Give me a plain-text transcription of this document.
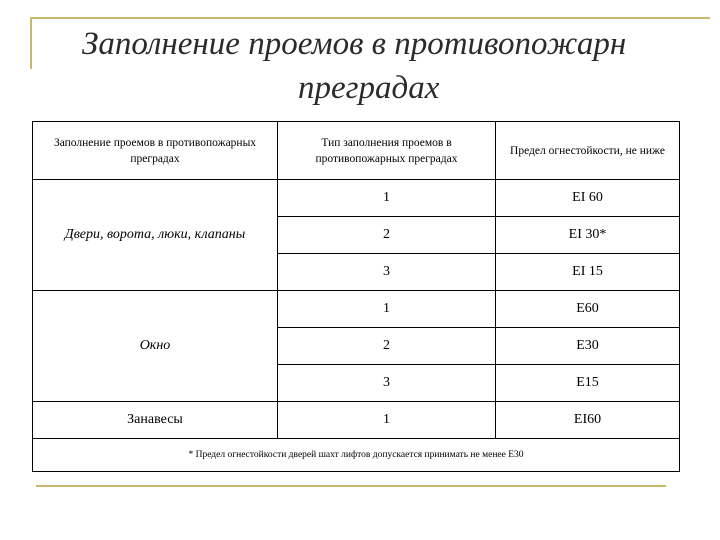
Заполнение проемов в противопожарн
преградах
Заполнение проемов в противопожарных преградах	Тип заполнения проемов в противопожарных преградах	Предел огнестойкости, не ниже

Двери, ворота, люки, клапаны	1	EI 60
	2	EI 30*
	3	EI 15

Окно	1	E60
	2	E30
	3	E15

Занавесы	1	EI60
* Предел огнестойкости дверей шахт лифтов допускается принимать не менее Е30		
